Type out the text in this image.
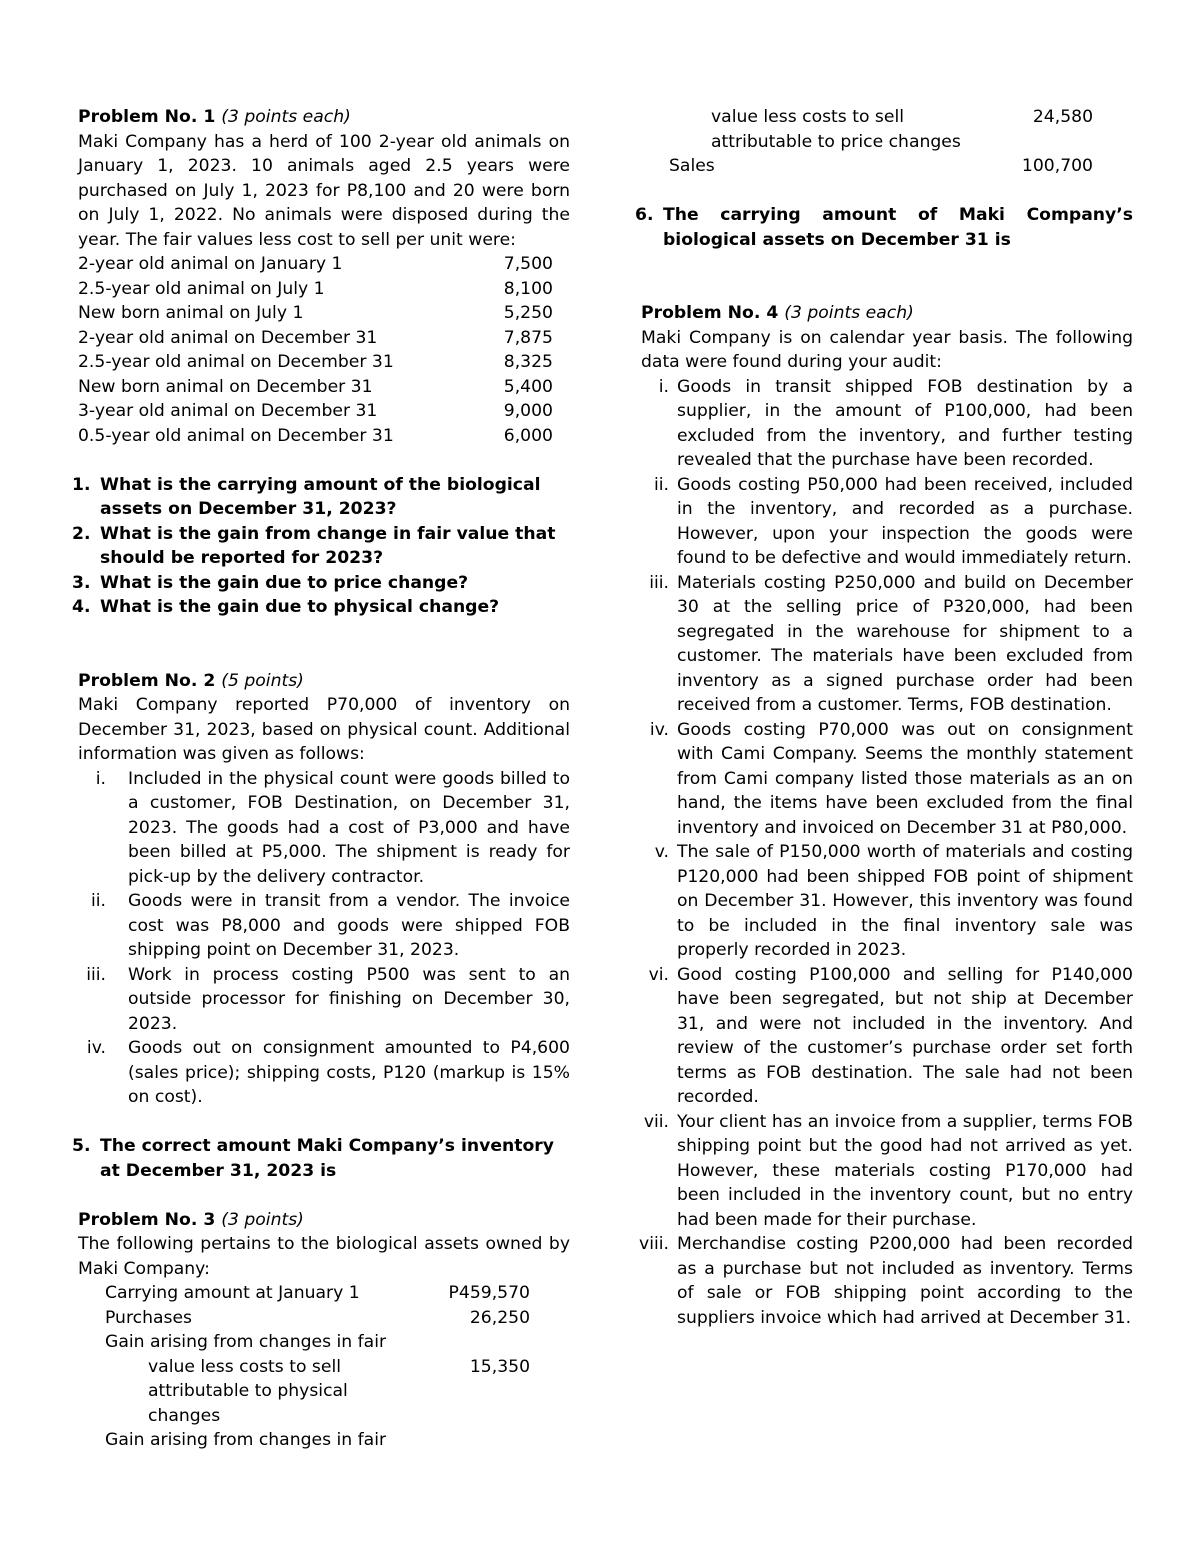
Problem No. 1 (3 points each)

Maki Company has a herd of 100 2-year old animals on January 1, 2023. 10 animals aged 2.5 years were purchased on July 1, 2023 for P8,100 and 20 were born on July 1, 2022. No animals were disposed during the year. The fair values less cost to sell per unit were:

2-year old animal on January 1	7,500
2.5-year old animal on July 1	8,100
New born animal on July 1	5,250
2-year old animal on December 31	7,875
2.5-year old animal on December 31	8,325
New born animal on December 31	5,400
3-year old animal on December 31	9,000
0.5-year old animal on December 31	6,000
1. What is the carrying amount of the biological assets on December 31, 2023?
2. What is the gain from change in fair value that should be reported for 2023?
3. What is the gain due to price change?
4. What is the gain due to physical change?

Problem No. 2 (5 points)

Maki Company reported P70,000 of inventory on December 31, 2023, based on physical count. Additional information was given as follows:

i.	Included in the physical count were goods billed to a customer, FOB Destination, on December 31, 2023. The goods had a cost of P3,000 and have been billed at P5,000. The shipment is ready for pick-up by the delivery contractor.
ii.	Goods were in transit from a vendor. The invoice cost was P8,000 and goods were shipped FOB shipping point on December 31, 2023.
iii.	Work in process costing P500 was sent to an outside processor for finishing on December 30, 2023.
iv.	Goods out on consignment amounted to P4,600 (sales price); shipping costs, P120 (markup is 15% on cost).
5. The correct amount Maki Company’s inventory at December 31, 2023 is

Problem No. 3 (3 points)

The following pertains to the biological assets owned by Maki Company:

Carrying amount at January 1	P459,570
Purchases	26,250
Gain arising from changes in fair
value less costs to sell	15,350
attributable to physical
changes
Gain arising from changes in fair
value less costs to sell	24,580
attributable to price changes
Sales	100,700
6. The carrying amount of Maki Company’s biological assets on December 31 is

Problem No. 4 (3 points each)

Maki Company is on calendar year basis. The following data were found during your audit:

i. Goods in transit shipped FOB destination by a supplier, in the amount of P100,000, had been excluded from the inventory, and further testing revealed that the purchase have been recorded.
ii. Goods costing P50,000 had been received, included in the inventory, and recorded as a purchase. However, upon your inspection the goods were found to be defective and would immediately return.
iii. Materials costing P250,000 and build on December 30 at the selling price of P320,000, had been segregated in the warehouse for shipment to a customer. The materials have been excluded from inventory as a signed purchase order had been received from a customer. Terms, FOB destination.
iv. Goods costing P70,000 was out on consignment with Cami Company. Seems the monthly statement from Cami company listed those materials as an on hand, the items have been excluded from the final inventory and invoiced on December 31 at P80,000.
v. The sale of P150,000 worth of materials and costing P120,000 had been shipped FOB point of shipment on December 31. However, this inventory was found to be included in the final inventory sale was properly recorded in 2023.
vi. Good costing P100,000 and selling for P140,000 have been segregated, but not ship at December 31, and were not included in the inventory. And review of the customer’s purchase order set forth terms as FOB destination. The sale had not been recorded.
vii. Your client has an invoice from a supplier, terms FOB shipping point but the good had not arrived as yet. However, these materials costing P170,000 had been included in the inventory count, but no entry had been made for their purchase.
viii. Merchandise costing P200,000 had been recorded as a purchase but not included as inventory. Terms of sale or FOB shipping point according to the suppliers invoice which had arrived at December 31.
